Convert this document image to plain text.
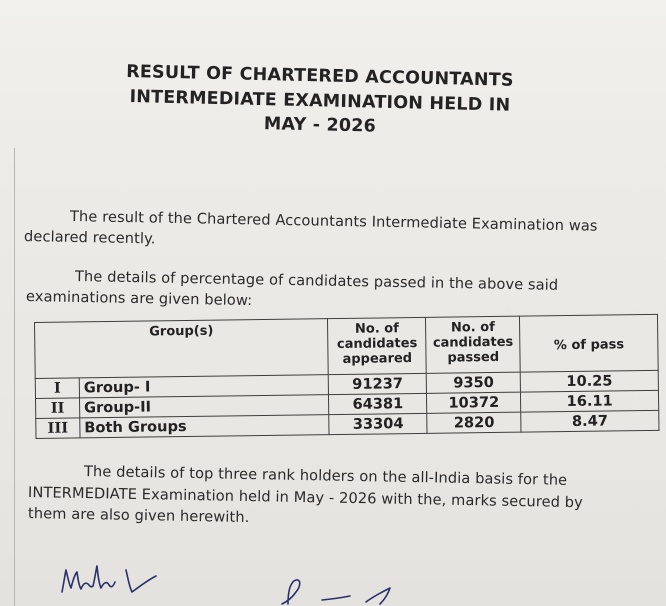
RESULT OF CHARTERED ACCOUNTANTS
INTERMEDIATE EXAMINATION HELD IN
MAY - 2026
The result of the Chartered Accountants Intermediate Examination was
declared recently.
The details of percentage of candidates passed in the above said
examinations are given below:
Group(s)		No. of candidates appeared	No. of candidates passed	% of pass
I	Group- I	91237	9350	10.25
II	Group-II	64381	10372	16.11
III	Both Groups	33304	2820	8.47
The details of top three rank holders on the all-India basis for the
INTERMEDIATE Examination held in May - 2026 with the, marks secured by
them are also given herewith.
